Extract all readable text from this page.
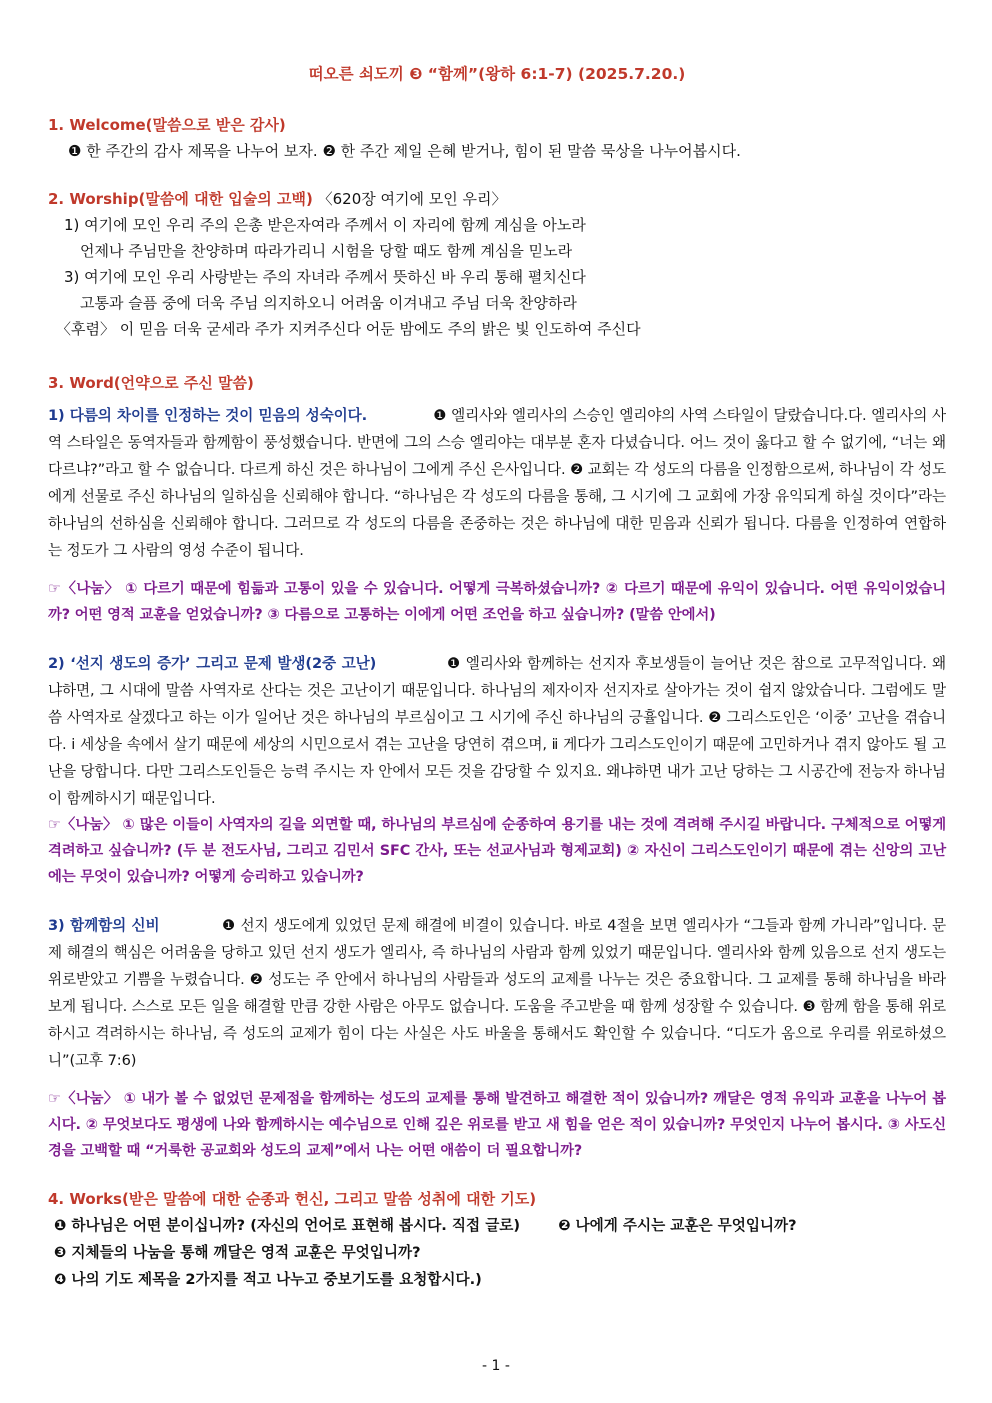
떠오른 쇠도끼 ❸ “함께”(왕하 6:1-7) (2025.7.20.)

1. Welcome(말씀으로 받은 감사)

❶ 한 주간의 감사 제목을 나누어 보자. ❷ 한 주간 제일 은혜 받거나, 힘이 된 말씀 묵상을 나누어봅시다.

2. Worship(말씀에 대한 입술의 고백) 〈620장 여기에 모인 우리〉

1) 여기에 모인 우리 주의 은총 받은자여라 주께서 이 자리에 함께 계심을 아노라

언제나 주님만을 찬양하며 따라가리니 시험을 당할 때도 함께 계심을 믿노라

3) 여기에 모인 우리 사랑받는 주의 자녀라 주께서 뜻하신 바 우리 통해 펼치신다

고통과 슬픔 중에 더욱 주님 의지하오니 어려움 이겨내고 주님 더욱 찬양하라

〈후렴〉 이 믿음 더욱 굳세라 주가 지켜주신다 어둔 밤에도 주의 밝은 빛 인도하여 주신다

3. Word(언약으로 주신 말씀)

1) 다름의 차이를 인정하는 것이 믿음의 성숙이다.	❶ 엘리사와 엘리사의 스승인 엘리야의 사역 스타일이 달랐습니다.다. 엘리사의 사역 스타일은 동역자들과 함께함이 풍성했습니다. 반면에 그의 스승 엘리야는 대부분 혼자 다녔습니다. 어느 것이 옳다고 할 수 없기에, “너는 왜 다르냐?”라고 할 수 없습니다. 다르게 하신 것은 하나님이 그에게 주신 은사입니다. ❷ 교회는 각 성도의 다름을 인정함으로써, 하나님이 각 성도에게 선물로 주신 하나님의 일하심을 신뢰해야 합니다. “하나님은 각 성도의 다름을 통해, 그 시기에 그 교회에 가장 유익되게 하실 것이다”라는 하나님의 선하심을 신뢰해야 합니다. 그러므로 각 성도의 다름을 존중하는 것은 하나님에 대한 믿음과 신뢰가 됩니다. 다름을 인정하여 연합하는 정도가 그 사람의 영성 수준이 됩니다.

☞〈나눔〉 ① 다르기 때문에 힘듦과 고통이 있을 수 있습니다. 어떻게 극복하셨습니까? ② 다르기 때문에 유익이 있습니다. 어떤 유익이었습니까? 어떤 영적 교훈을 얻었습니까? ③ 다름으로 고통하는 이에게 어떤 조언을 하고 싶습니까? (말씀 안에서)

2) ‘선지 생도의 증가’ 그리고 문제 발생(2중 고난)	❶ 엘리사와 함께하는 선지자 후보생들이 늘어난 것은 참으로 고무적입니다. 왜냐하면, 그 시대에 말씀 사역자로 산다는 것은 고난이기 때문입니다. 하나님의 제자이자 선지자로 살아가는 것이 쉽지 않았습니다. 그럼에도 말씀 사역자로 살겠다고 하는 이가 일어난 것은 하나님의 부르심이고 그 시기에 주신 하나님의 긍휼입니다. ❷ 그리스도인은 ‘이중’ 고난을 겪습니다. ⅰ 세상을 속에서 살기 때문에 세상의 시민으로서 겪는 고난을 당연히 겪으며, ⅱ 게다가 그리스도인이기 때문에 고민하거나 겪지 않아도 될 고난을 당합니다. 다만 그리스도인들은 능력 주시는 자 안에서 모든 것을 감당할 수 있지요. 왜냐하면 내가 고난 당하는 그 시공간에 전능자 하나님이 함께하시기 때문입니다.

☞〈나눔〉 ① 많은 이들이 사역자의 길을 외면할 때, 하나님의 부르심에 순종하여 용기를 내는 것에 격려해 주시길 바랍니다. 구체적으로 어떻게 격려하고 싶습니까? (두 분 전도사님, 그리고 김민서 SFC 간사, 또는 선교사님과 형제교회) ② 자신이 그리스도인이기 때문에 겪는 신앙의 고난에는 무엇이 있습니까? 어떻게 승리하고 있습니까?

3) 함께함의 신비	❶ 선지 생도에게 있었던 문제 해결에 비결이 있습니다. 바로 4절을 보면 엘리사가 “그들과 함께 가니라”입니다. 문제 해결의 핵심은 어려움을 당하고 있던 선지 생도가 엘리사, 즉 하나님의 사람과 함께 있었기 때문입니다. 엘리사와 함께 있음으로 선지 생도는 위로받았고 기쁨을 누렸습니다. ❷ 성도는 주 안에서 하나님의 사람들과 성도의 교제를 나누는 것은 중요합니다. 그 교제를 통해 하나님을 바라보게 됩니다. 스스로 모든 일을 해결할 만큼 강한 사람은 아무도 없습니다. 도움을 주고받을 때 함께 성장할 수 있습니다. ❸ 함께 함을 통해 위로하시고 격려하시는 하나님, 즉 성도의 교제가 힘이 다는 사실은 사도 바울을 통해서도 확인할 수 있습니다. “디도가 옴으로 우리를 위로하셨으니”(고후 7:6)

☞〈나눔〉 ① 내가 볼 수 없었던 문제점을 함께하는 성도의 교제를 통해 발견하고 해결한 적이 있습니까? 깨달은 영적 유익과 교훈을 나누어 봅시다. ② 무엇보다도 평생에 나와 함께하시는 예수님으로 인해 깊은 위로를 받고 새 힘을 얻은 적이 있습니까? 무엇인지 나누어 봅시다. ③ 사도신경을 고백할 때 “거룩한 공교회와 성도의 교제”에서 나는 어떤 애씀이 더 필요합니까?

4. Works(받은 말씀에 대한 순종과 헌신, 그리고 말씀 성취에 대한 기도)

❶ 하나님은 어떤 분이십니까? (자신의 언어로 표현해 봅시다. 직접 글로)	❷ 나에게 주시는 교훈은 무엇입니까?

❸ 지체들의 나눔을 통해 깨달은 영적 교훈은 무엇입니까?

❹ 나의 기도 제목을 2가지를 적고 나누고 중보기도를 요청합시다.)

- 1 -
